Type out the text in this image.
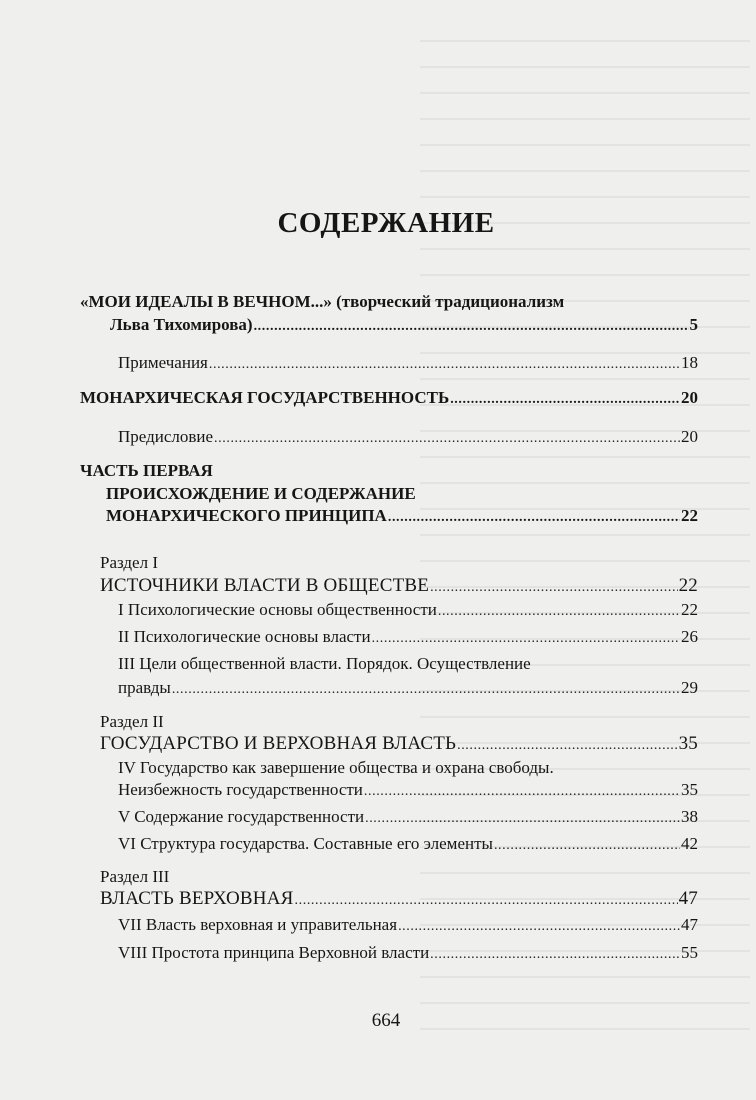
СОДЕРЖАНИЕ
«МОИ ИДЕАЛЫ В ВЕЧНОМ...» (творческий традиционализм
Льва Тихомирова) .....	5
Примечания .....	18
МОНАРХИЧЕСКАЯ ГОСУДАРСТВЕННОСТЬ .....	20
Предисловие .....	20
ЧАСТЬ ПЕРВАЯ
ПРОИСХОЖДЕНИЕ И СОДЕРЖАНИЕ
МОНАРХИЧЕСКОГО ПРИНЦИПА .....	22
Раздел I
ИСТОЧНИКИ ВЛАСТИ В ОБЩЕСТВЕ .....	22
I Психологические основы общественности .....	22
II Психологические основы власти .....	26
III Цели общественной власти. Порядок. Осуществление
правды .....	29
Раздел II
ГОСУДАРСТВО И ВЕРХОВНАЯ ВЛАСТЬ .....	35
IV Государство как завершение общества и охрана свободы.
Неизбежность государственности .....	35
V Содержание государственности .....	38
VI Структура государства. Составные его элементы .....	42
Раздел III
ВЛАСТЬ ВЕРХОВНАЯ .....	47
VII Власть верховная и управительная .....	47
VIII Простота принципа Верховной власти .....	55
664
